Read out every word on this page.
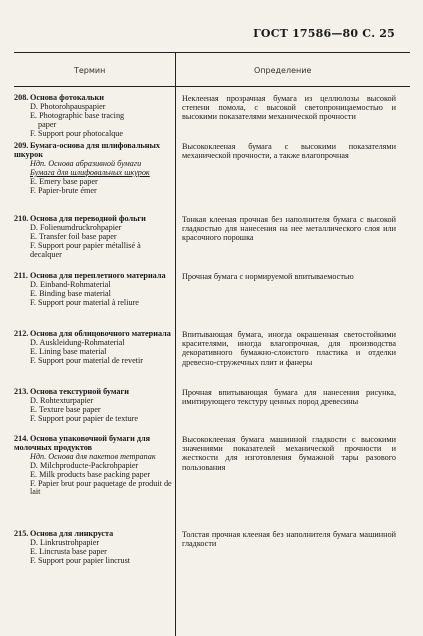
ГОСТ 17586—80 С. 25
Термин	Определение
208. Основа фотокальки
D. Photorohpauspapier
E. Photographic base tracing
paper
F. Support pour photocalque
Неклееная прозрачная бумага из целлюлозы высокой степени помола, с высокой светопроницаемостью и высокими показателями механической прочности
209. Бумага-основа для шлифовальных шкурок
Ндп. Основа абразивной бумаги
Бумага для шлифовальных шкурок
E. Emery base paper
F. Papier-brute émer
Высококлееная бумага с высокими показателями механической прочности, а также влагопрочная
210. Основа для переводной фольги
D. Folienumdruckrohpapier
E. Transfer foil base paper
F. Support pour papier métallisé à decalquer
Тонкая клееная прочная без наполнителя бумага с высокой гладкостью для нанесения на нее металлического слоя или красочного порошка
211. Основа для переплетного материала
D. Einband-Rohmaterial
E. Binding base material
F. Support pour material à reliure
Прочная бумага с нормируемой впитываемостью
212. Основа для облицовочного материала
D. Auskleidung-Rohmaterial
E. Lining base material
F. Support pour material de revetir
Впитывающая бумага, иногда окрашенная светостойкими красителями, иногда влагопрочная, для производства декоративного бумажно-слоистого пластика и отделки древесно-стружечных плит и фанеры
213. Основа текстурной бумаги
D. Rohtexturpapier
E. Texture base paper
F. Support pour papier de texture
Прочная впитывающая бумага для нанесения рисунка, имитирующего текстуру ценных пород древесины
214. Основа упаковочной бумаги для молочных продуктов
Ндп. Основа для пакетов тетрапак
D. Milchproducte-Packrohpapier
E. Milk products base packing paper
F. Papier brut pour paquetage de produit de lait
Высококлееная бумага машинной гладкости с высокими значениями показателей механической прочности и жесткости для изготовления бумажной тары разового пользования
215. Основа для линкруста
D. Linkrustrohpapier
E. Lincrusta base paper
F. Support pour papier lincrust
Толстая прочная клееная без наполнителя бумага машинной гладкости
